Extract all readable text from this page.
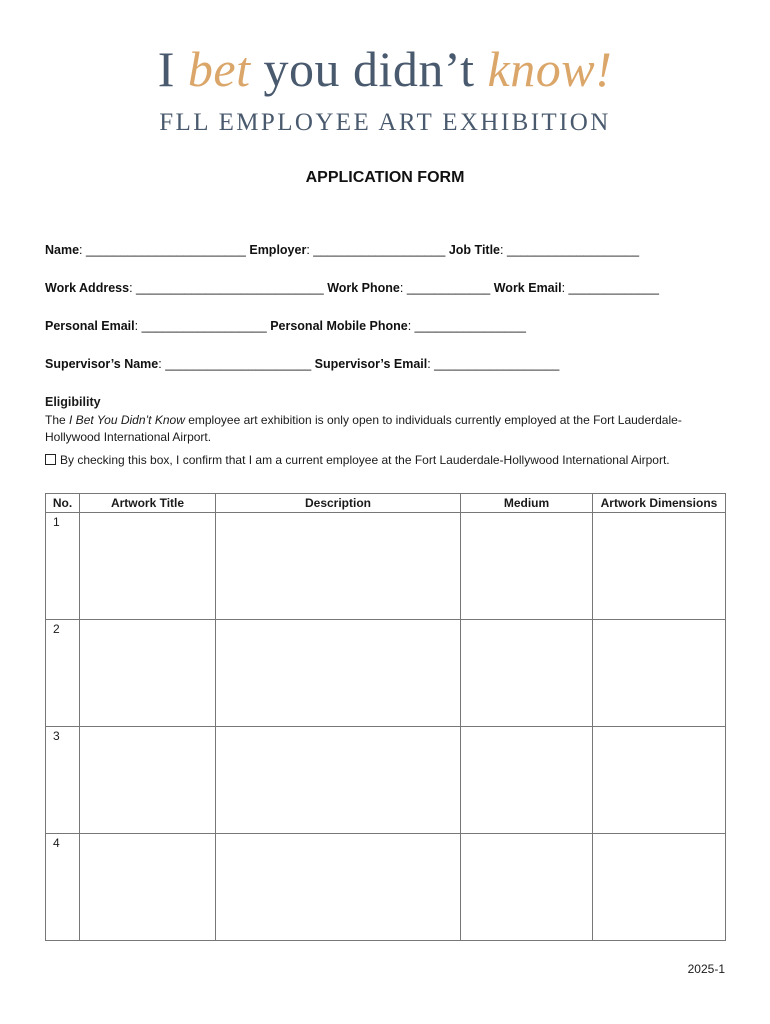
I bet you didn’t know!
FLL EMPLOYEE ART EXHIBITION
APPLICATION FORM
Name: _______________________ Employer: ___________________ Job Title: ___________________
Work Address: ___________________________ Work Phone: ____________ Work Email: _____________
Personal Email: __________________ Personal Mobile Phone: ________________
Supervisor’s Name: _____________________ Supervisor’s Email: __________________
Eligibility
The I Bet You Didn’t Know employee art exhibition is only open to individuals currently employed at the Fort Lauderdale-Hollywood International Airport.
By checking this box, I confirm that I am a current employee at the Fort Lauderdale-Hollywood International Airport.
No.	Artwork Title	Description	Medium	Artwork Dimensions
1				
2				
3				
4				
2025-1
